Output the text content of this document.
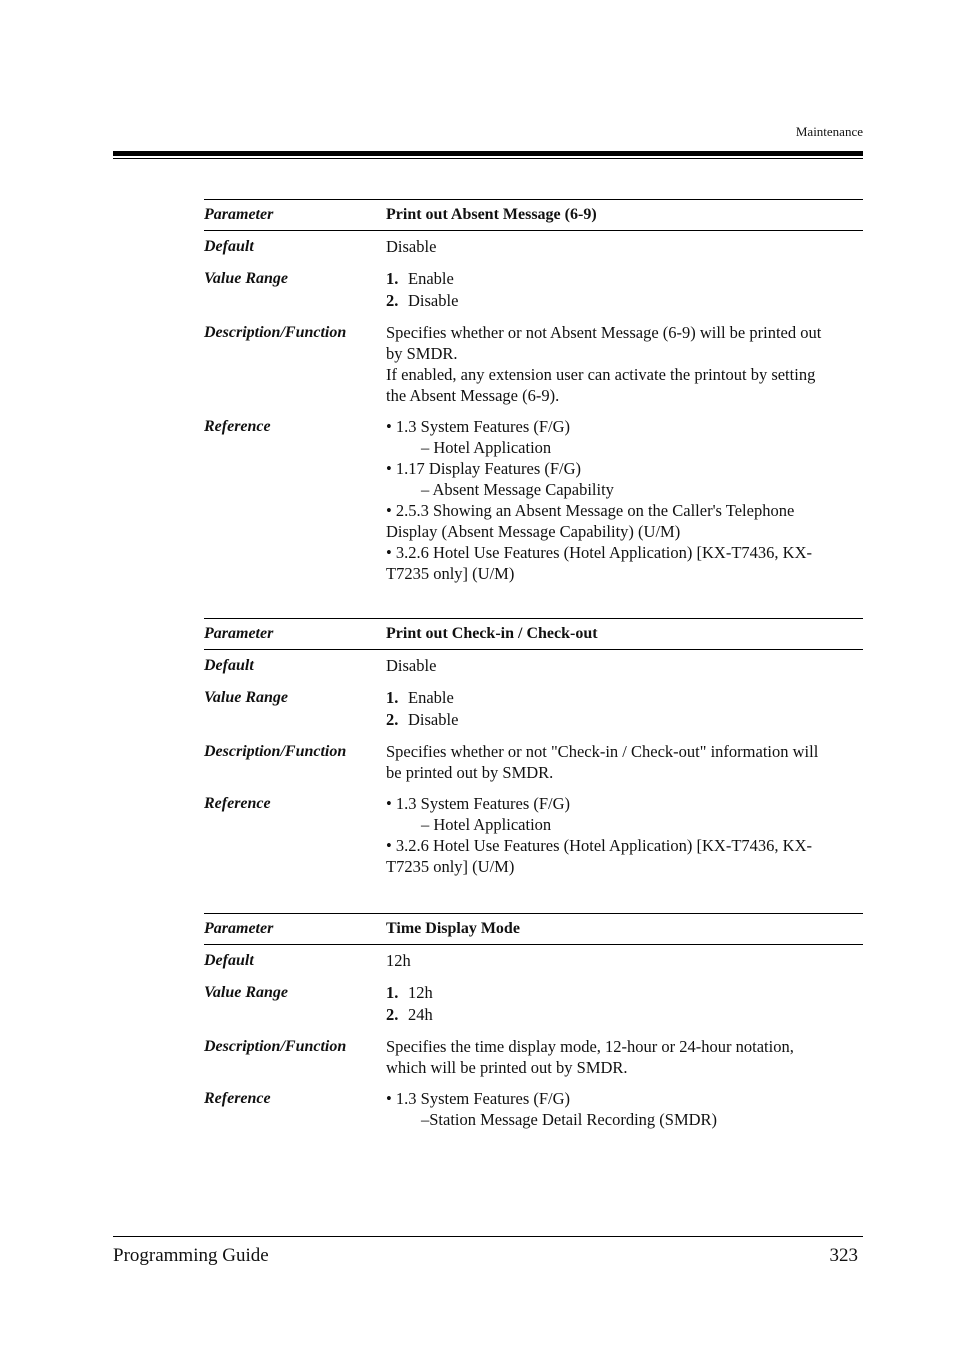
Maintenance
Parameter	Print out Absent Message (6-9)
Default	Disable
Value Range	1. Enable
2. Disable
Description/Function	Specifies whether or not Absent Message (6-9) will be printed out
by SMDR.
If enabled, any extension user can activate the printout by setting
the Absent Message (6-9).
Reference	• 1.3 System Features (F/G)
– Hotel Application
• 1.17 Display Features (F/G)
– Absent Message Capability
• 2.5.3 Showing an Absent Message on the Caller's Telephone
Display (Absent Message Capability) (U/M)
• 3.2.6 Hotel Use Features (Hotel Application) [KX-T7436, KX-
T7235 only] (U/M)
Parameter	Print out Check-in / Check-out
Default	Disable
Value Range	1. Enable
2. Disable
Description/Function	Specifies whether or not "Check-in / Check-out" information will
be printed out by SMDR.
Reference	• 1.3 System Features (F/G)
– Hotel Application
• 3.2.6 Hotel Use Features (Hotel Application) [KX-T7436, KX-
T7235 only] (U/M)
Parameter	Time Display Mode
Default	12h
Value Range	1. 12h
2. 24h
Description/Function	Specifies the time display mode, 12-hour or 24-hour notation,
which will be printed out by SMDR.
Reference	• 1.3 System Features (F/G)
–Station Message Detail Recording (SMDR)
Programming Guide	323
